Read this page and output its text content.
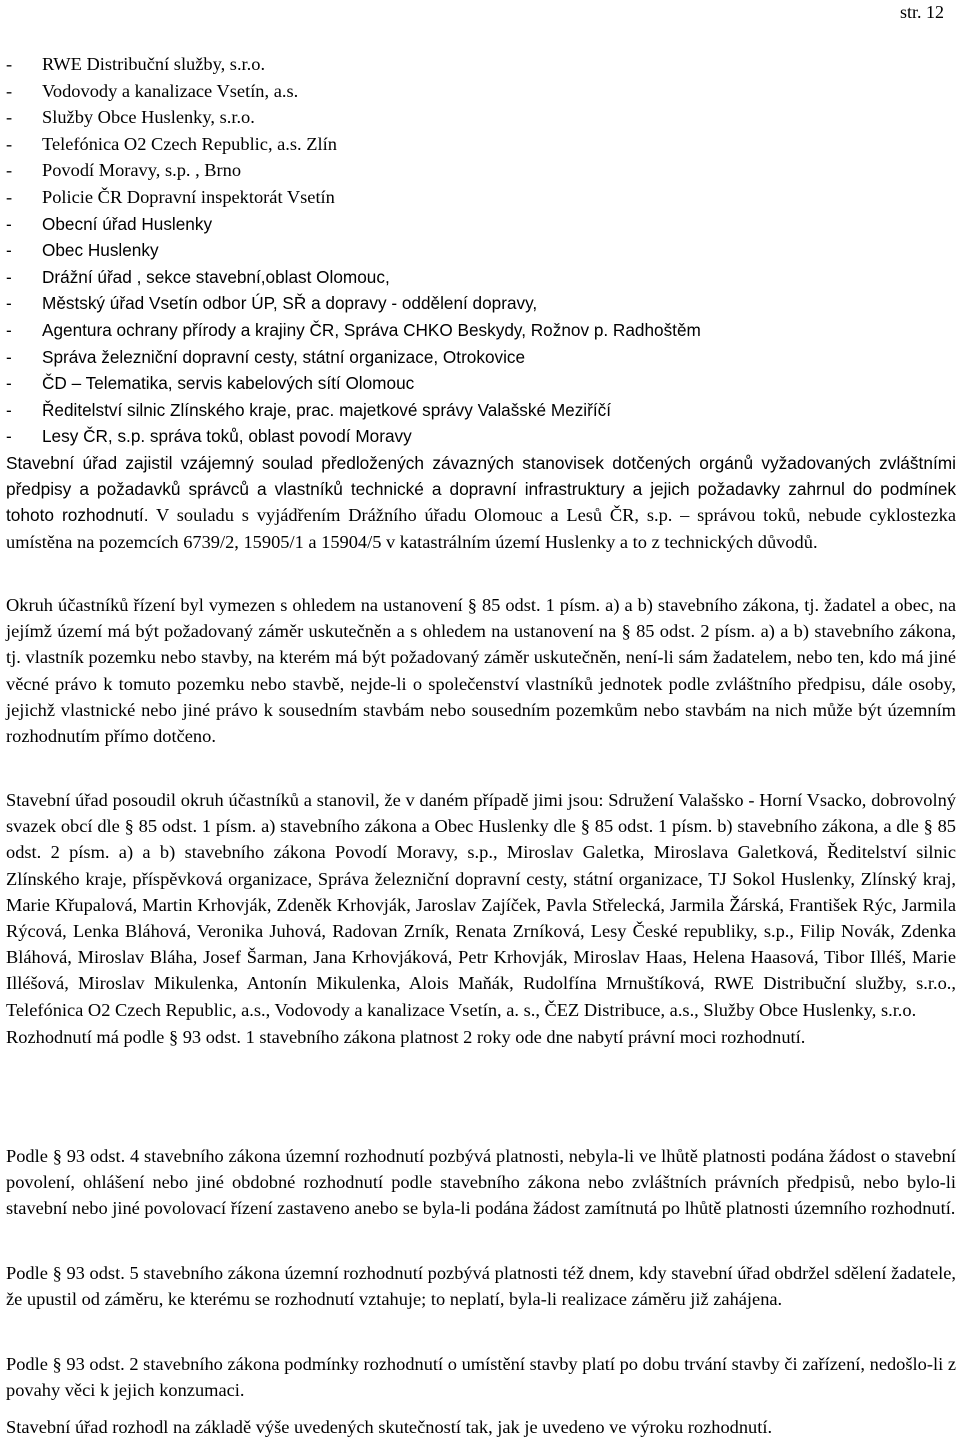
str. 12
- RWE Distribuční služby, s.r.o.
- Vodovody a kanalizace Vsetín, a.s.
- Služby Obce Huslenky, s.r.o.
- Telefónica O2 Czech Republic, a.s. Zlín
- Povodí Moravy, s.p. , Brno
- Policie ČR Dopravní inspektorát Vsetín
- Obecní úřad Huslenky
- Obec Huslenky
- Drážní úřad , sekce stavební,oblast Olomouc,
- Městský úřad Vsetín odbor ÚP, SŘ a dopravy - oddělení dopravy,
- Agentura ochrany přírody a krajiny ČR, Správa CHKO Beskydy, Rožnov p. Radhoštěm
- Správa železniční dopravní cesty, státní organizace, Otrokovice
- ČD – Telematika, servis kabelových sítí Olomouc
- Ředitelství silnic Zlínského kraje, prac. majetkové správy Valašské Meziříčí
- Lesy ČR, s.p. správa toků, oblast povodí Moravy

Stavební úřad zajistil vzájemný soulad předložených závazných stanovisek dotčených orgánů vyžadovaných zvláštními předpisy a požadavků správců a vlastníků technické a dopravní infrastruktury a jejich požadavky zahrnul do podmínek tohoto rozhodnutí. V souladu s vyjádřením Drážního úřadu Olomouc a Lesů ČR, s.p. – správou toků, nebude cyklostezka umístěna na pozemcích 6739/2, 15905/1 a 15904/5 v katastrálním území Huslenky a to z technických důvodů.

Okruh účastníků řízení byl vymezen s ohledem na ustanovení § 85 odst. 1 písm. a) a b) stavebního zákona, tj. žadatel a obec, na jejímž území má být požadovaný záměr uskutečněn a s ohledem na ustanovení na § 85 odst. 2 písm. a) a b) stavebního zákona, tj. vlastník pozemku nebo stavby, na kterém má být požadovaný záměr uskutečněn, není-li sám žadatelem, nebo ten, kdo má jiné věcné právo k tomuto pozemku nebo stavbě, nejde-li o společenství vlastníků jednotek podle zvláštního předpisu, dále osoby, jejichž vlastnické nebo jiné právo k sousedním stavbám nebo sousedním pozemkům nebo stavbám na nich může být územním rozhodnutím přímo dotčeno.

Stavební úřad posoudil okruh účastníků a stanovil, že v daném případě jimi jsou: Sdružení Valašsko - Horní Vsacko, dobrovolný svazek obcí dle § 85 odst. 1 písm. a) stavebního zákona a Obec Huslenky dle § 85 odst. 1 písm. b) stavebního zákona, a dle § 85 odst. 2 písm. a) a b) stavebního zákona Povodí Moravy, s.p., Miroslav Galetka, Miroslava Galetková, Ředitelství silnic Zlínského kraje, příspěvková organizace, Správa železniční dopravní cesty, státní organizace, TJ Sokol Huslenky, Zlínský kraj, Marie Křupalová, Martin Krhovják, Zdeněk Krhovják, Jaroslav Zajíček, Pavla Střelecká, Jarmila Žárská, František Rýc, Jarmila Rýcová, Lenka Bláhová, Veronika Juhová, Radovan Zrník, Renata Zrníková, Lesy České republiky, s.p., Filip Novák, Zdenka Bláhová, Miroslav Bláha, Josef Šarman, Jana Krhovjáková, Petr Krhovják, Miroslav Haas, Helena Haasová, Tibor Illéš, Marie Illéšová, Miroslav Mikulenka, Antonín Mikulenka, Alois Maňák, Rudolfína Mrnuštíková, RWE Distribuční služby, s.r.o., Telefónica O2 Czech Republic, a.s., Vodovody a kanalizace Vsetín, a. s., ČEZ Distribuce, a.s., Služby Obce Huslenky, s.r.o.

Rozhodnutí má podle § 93 odst. 1 stavebního zákona platnost 2 roky ode dne nabytí právní moci rozhodnutí.

Podle § 93 odst. 4 stavebního zákona územní rozhodnutí pozbývá platnosti, nebyla-li ve lhůtě platnosti podána žádost o stavební povolení, ohlášení nebo jiné obdobné rozhodnutí podle stavebního zákona nebo zvláštních právních předpisů, nebo bylo-li stavební nebo jiné povolovací řízení zastaveno anebo se byla-li podána žádost zamítnutá po lhůtě platnosti územního rozhodnutí.

Podle § 93 odst. 5 stavebního zákona územní rozhodnutí pozbývá platnosti též dnem, kdy stavební úřad obdržel sdělení žadatele, že upustil od záměru, ke kterému se rozhodnutí vztahuje; to neplatí, byla-li realizace záměru již zahájena.

Podle § 93 odst. 2 stavebního zákona podmínky rozhodnutí o umístění stavby platí po dobu trvání stavby či zařízení, nedošlo-li z povahy věci k jejich konzumaci.

Stavební úřad rozhodl na základě výše uvedených skutečností tak, jak je uvedeno ve výroku rozhodnutí.
